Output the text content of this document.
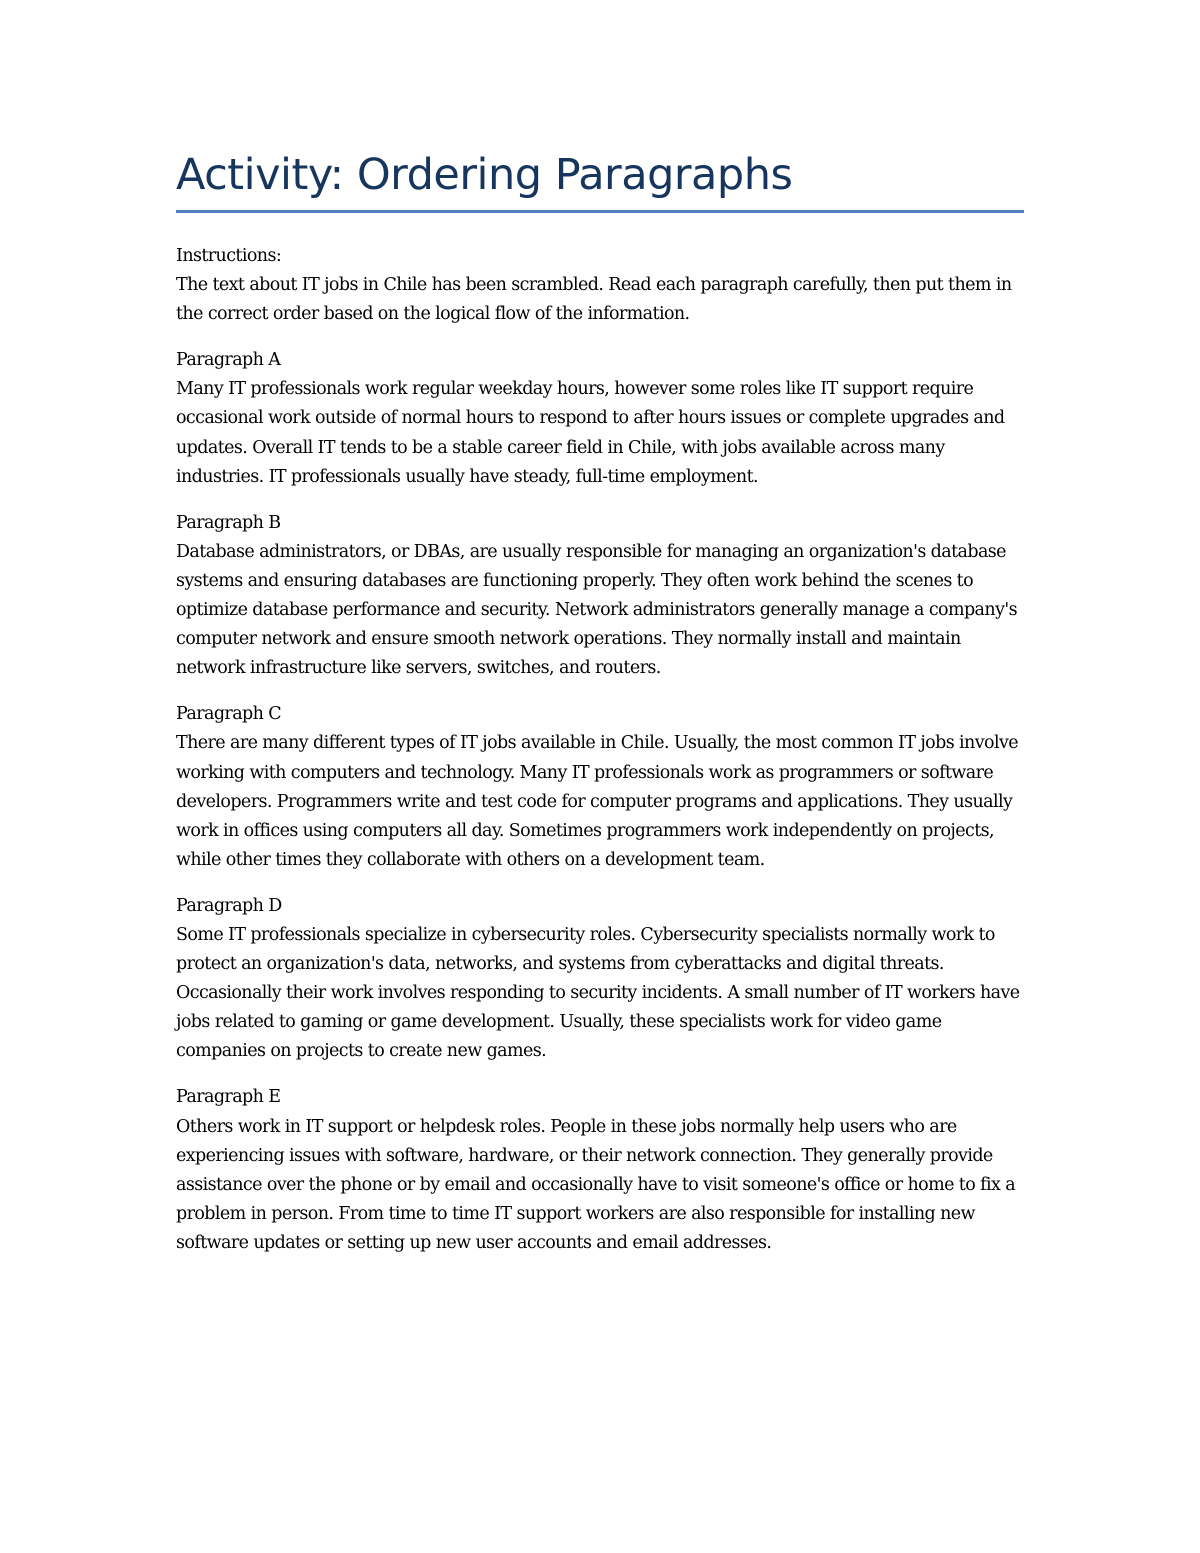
Activity: Ordering Paragraphs
Instructions:
The text about IT jobs in Chile has been scrambled. Read each paragraph carefully, then put them in the correct order based on the logical flow of the information.
Paragraph A
Many IT professionals work regular weekday hours, however some roles like IT support require occasional work outside of normal hours to respond to after hours issues or complete upgrades and updates. Overall IT tends to be a stable career field in Chile, with jobs available across many industries. IT professionals usually have steady, full-time employment.
Paragraph B
Database administrators, or DBAs, are usually responsible for managing an organization's database systems and ensuring databases are functioning properly. They often work behind the scenes to optimize database performance and security. Network administrators generally manage a company's computer network and ensure smooth network operations. They normally install and maintain network infrastructure like servers, switches, and routers.
Paragraph C
There are many different types of IT jobs available in Chile. Usually, the most common IT jobs involve working with computers and technology. Many IT professionals work as programmers or software developers. Programmers write and test code for computer programs and applications. They usually work in offices using computers all day. Sometimes programmers work independently on projects, while other times they collaborate with others on a development team.
Paragraph D
Some IT professionals specialize in cybersecurity roles. Cybersecurity specialists normally work to protect an organization's data, networks, and systems from cyberattacks and digital threats. Occasionally their work involves responding to security incidents. A small number of IT workers have jobs related to gaming or game development. Usually, these specialists work for video game companies on projects to create new games.
Paragraph E
Others work in IT support or helpdesk roles. People in these jobs normally help users who are experiencing issues with software, hardware, or their network connection. They generally provide assistance over the phone or by email and occasionally have to visit someone's office or home to fix a problem in person. From time to time IT support workers are also responsible for installing new software updates or setting up new user accounts and email addresses.
